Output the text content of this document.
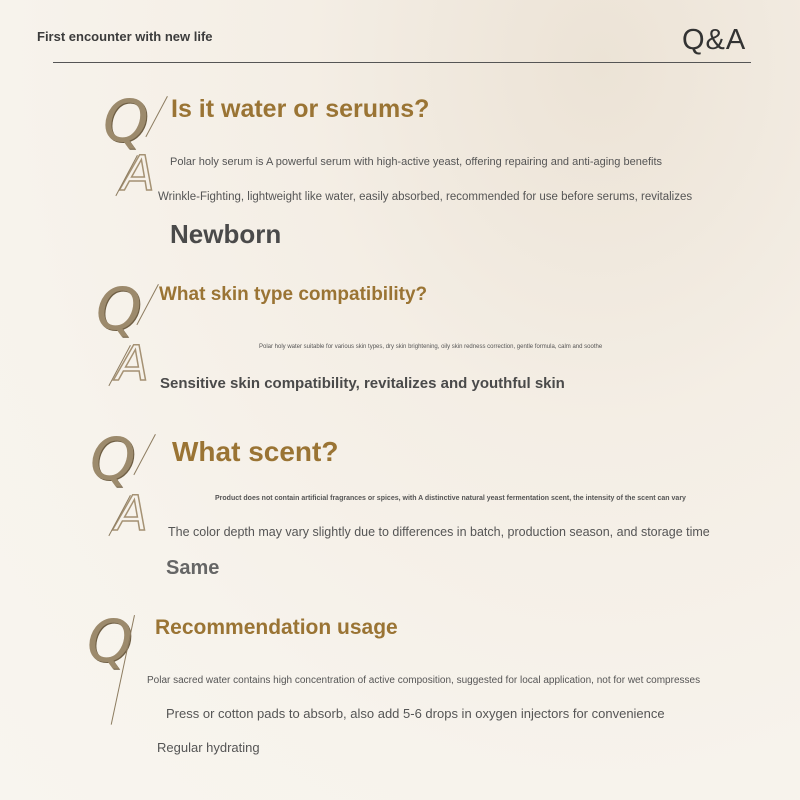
First encounter with new life	Q&A
Q
A
Is it water or serums?
Polar holy serum is A powerful serum with high-active yeast, offering repairing and anti-aging benefits
Wrinkle-Fighting, lightweight like water, easily absorbed, recommended for use before serums, revitalizes
Newborn
Q
A
What skin type compatibility?
Polar holy water suitable for various skin types, dry skin brightening, oily skin redness correction, gentle formula, calm and soothe
Sensitive skin compatibility, revitalizes and youthful skin
Q
A
What scent?
Product does not contain artificial fragrances or spices, with A distinctive natural yeast fermentation scent, the intensity of the scent can vary
The color depth may vary slightly due to differences in batch, production season, and storage time
Same
Q Recommendation usage
Polar sacred water contains high concentration of active composition, suggested for local application, not for wet compresses
Press or cotton pads to absorb, also add 5-6 drops in oxygen injectors for convenience
Regular hydrating
